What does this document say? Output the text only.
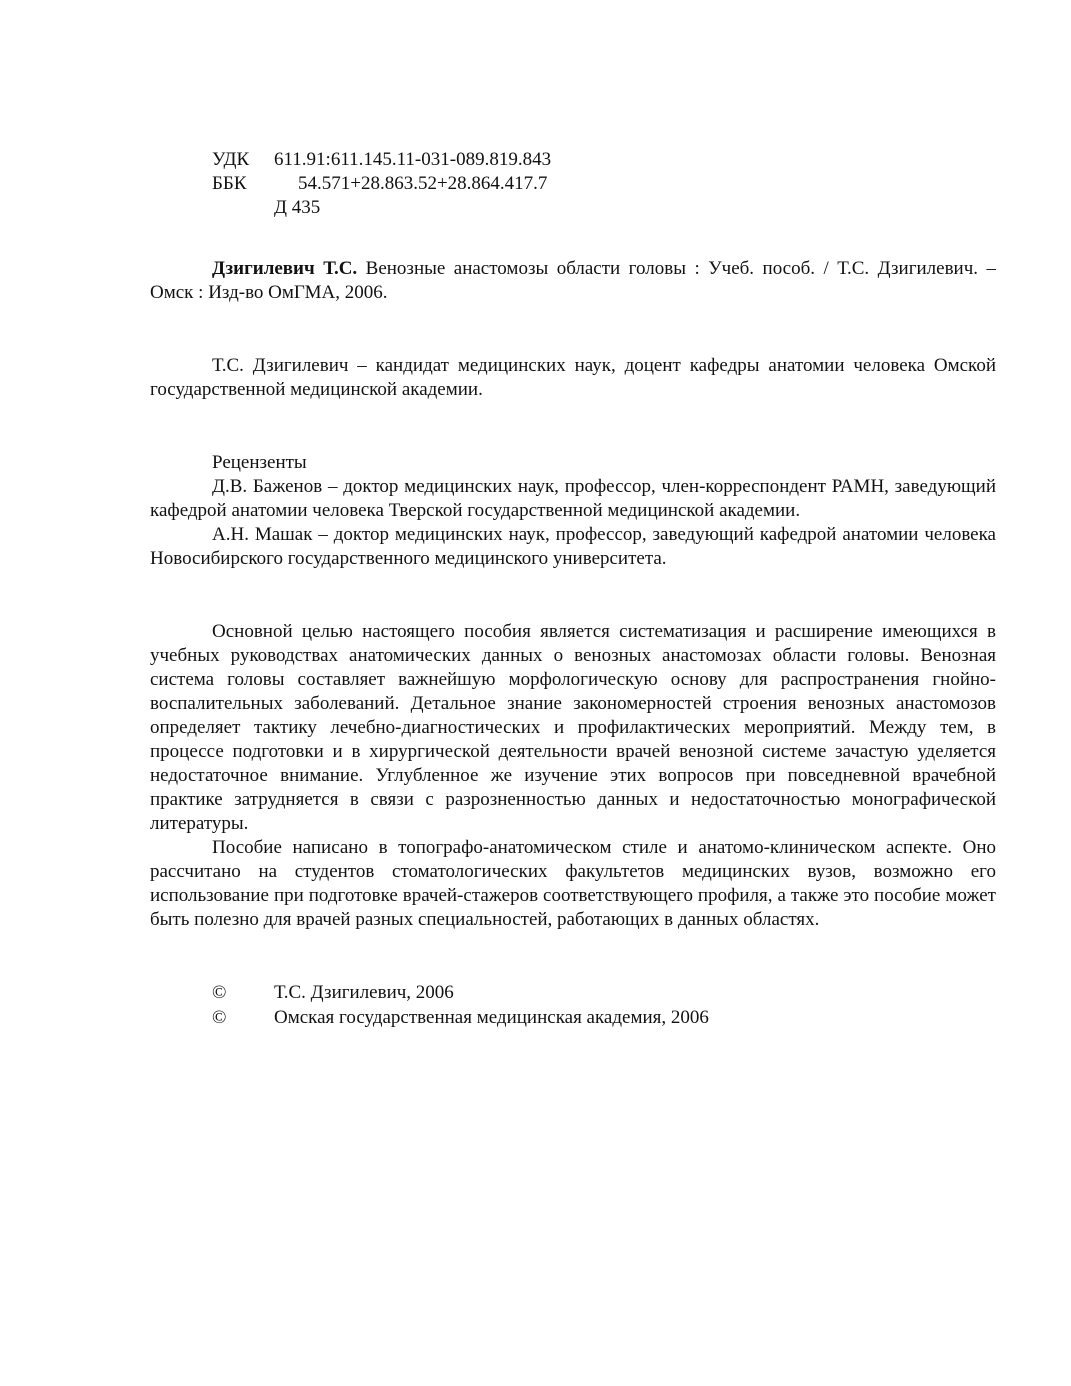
УДК	611.91:611.145.11-031-089.819.843
ББК	54.571+28.863.52+28.864.417.7
Д 435

Дзигилевич Т.С. Венозные анастомозы области головы : Учеб. пособ. / Т.С. Дзигилевич. – Омск : Изд-во ОмГМА, 2006.

Т.С. Дзигилевич – кандидат медицинских наук, доцент кафедры анатомии человека Омской государственной медицинской академии.

Рецензенты

Д.В. Баженов – доктор медицинских наук, профессор, член-корреспондент РАМН, заведующий кафедрой анатомии человека Тверской государственной медицинской академии.

А.Н. Машак – доктор медицинских наук, профессор, заведующий кафедрой анатомии человека Новосибирского государственного медицинского университета.

Основной целью настоящего пособия является систематизация и расширение имеющихся в учебных руководствах анатомических данных о венозных анастомозах области головы. Венозная система головы составляет важнейшую морфологическую основу для распространения гнойно-воспалительных заболеваний. Детальное знание закономерностей строения венозных анастомозов определяет тактику лечебно-диагностических и профилактических мероприятий. Между тем, в процессе подготовки и в хирургической деятельности врачей венозной системе зачастую уделяется недостаточное внимание. Углубленное же изучение этих вопросов при повседневной врачебной практике затрудняется в связи с разрозненностью данных и недостаточностью монографической литературы.

Пособие написано в топографо-анатомическом стиле и анатомо-клиническом аспекте. Оно рассчитано на студентов стоматологических факультетов медицинских вузов, возможно его использование при подготовке врачей-стажеров соответствующего профиля, а также это пособие может быть полезно для врачей разных специальностей, работающих в данных областях.

©	Т.С. Дзигилевич, 2006
©	Омская государственная медицинская академия, 2006
